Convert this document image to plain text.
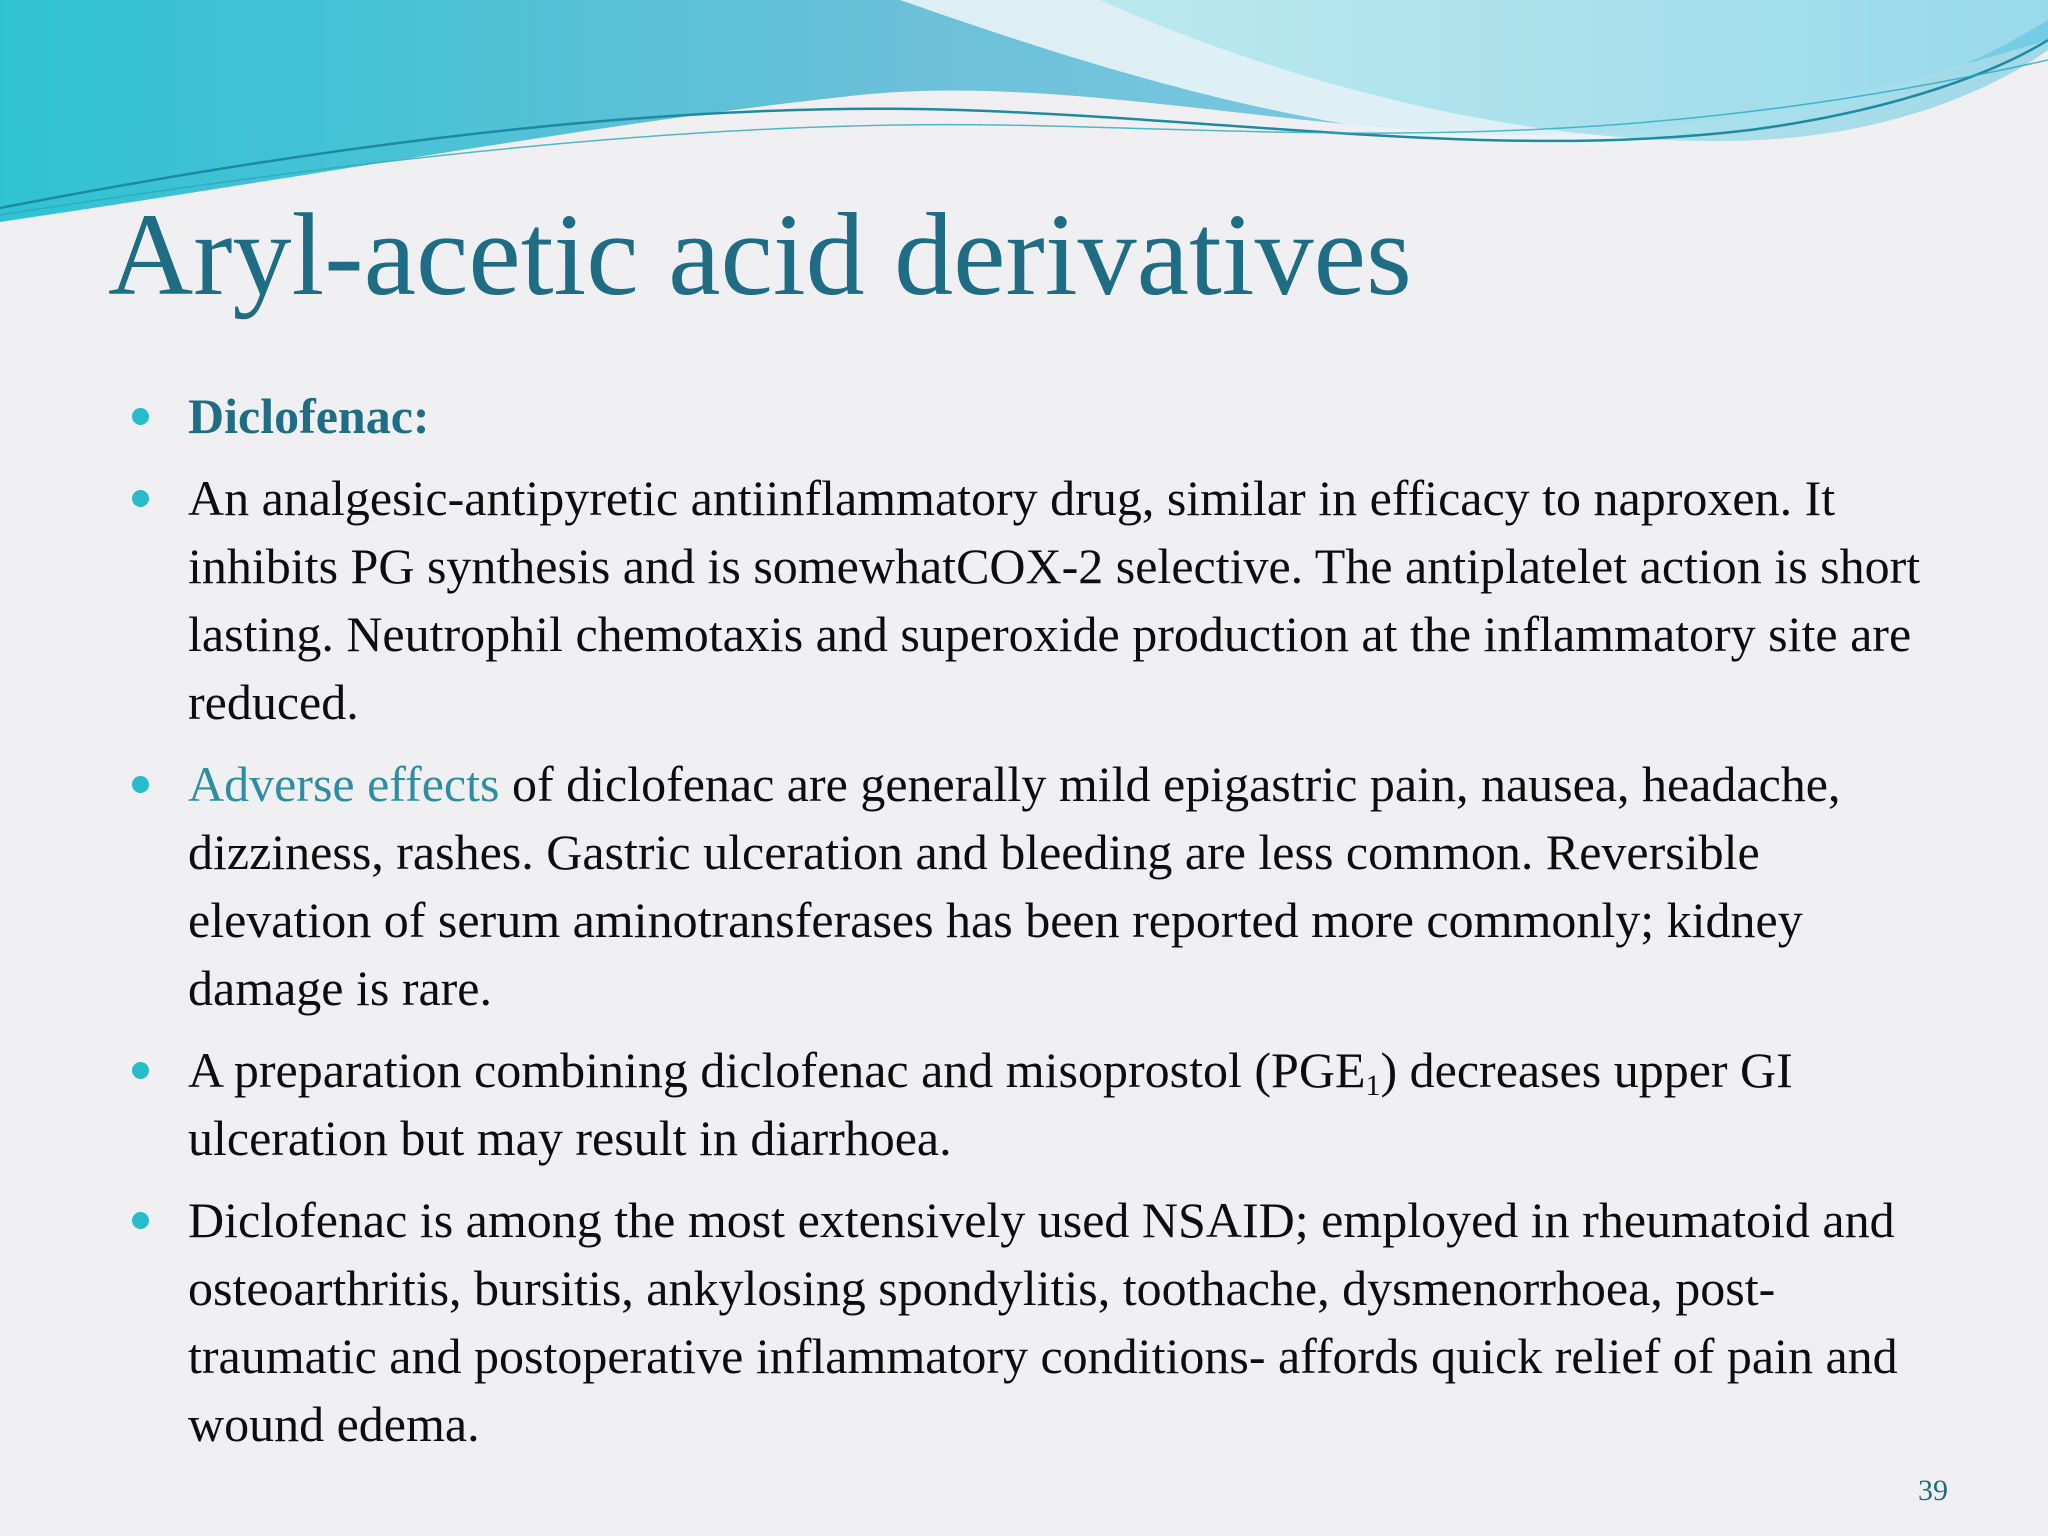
Aryl-acetic acid derivatives
Diclofenac:
An analgesic-antipyretic antiinflammatory drug, similar in efficacy to naproxen. It inhibits PG synthesis and is somewhatCOX-2 selective. The antiplatelet action is short lasting. Neutrophil chemotaxis and superoxide production at the inflammatory site are reduced.
Adverse effects of diclofenac are generally mild epigastric pain, nausea, headache, dizziness, rashes. Gastric ulceration and bleeding are less common. Reversible elevation of serum aminotransferases has been reported more commonly; kidney damage is rare.
A preparation combining diclofenac and misoprostol $(PGE_1)$ decreases upper GI ulceration but may result in diarrhoea.
Diclofenac is among the most extensively used NSAID; employed in rheumatoid and osteoarthritis, bursitis, ankylosing spondylitis, toothache, dysmenorrhoea, post-traumatic and postoperative inflammatory conditions- affords quick relief of pain and wound edema.
39
